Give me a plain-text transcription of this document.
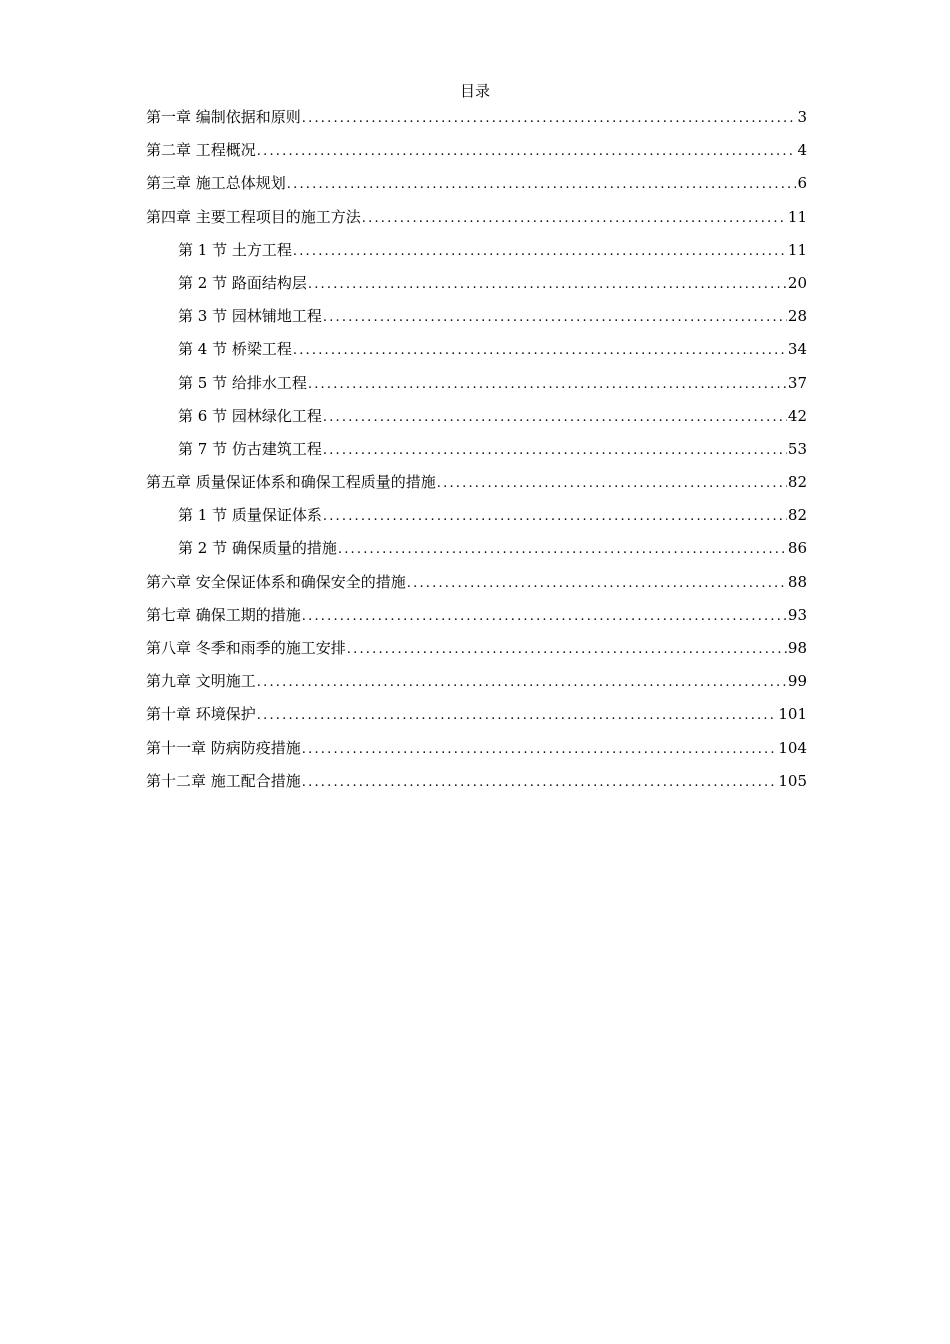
目录
第一章 编制依据和原则 .....	3
第二章 工程概况 .....	4
第三章 施工总体规划 .....	6
第四章 主要工程项目的施工方法 .....	11
第 1 节 土方工程 .....	11
第 2 节 路面结构层 .....	20
第 3 节 园林铺地工程 .....	28
第 4 节 桥梁工程 .....	34
第 5 节 给排水工程 .....	37
第 6 节 园林绿化工程 .....	42
第 7 节 仿古建筑工程 .....	53
第五章 质量保证体系和确保工程质量的措施 .....	82
第 1 节 质量保证体系 .....	82
第 2 节 确保质量的措施 .....	86
第六章 安全保证体系和确保安全的措施 .....	88
第七章 确保工期的措施 .....	93
第八章 冬季和雨季的施工安排 .....	98
第九章 文明施工 .....	99
第十章 环境保护 .....	101
第十一章 防病防疫措施 .....	104
第十二章 施工配合措施 .....	105
